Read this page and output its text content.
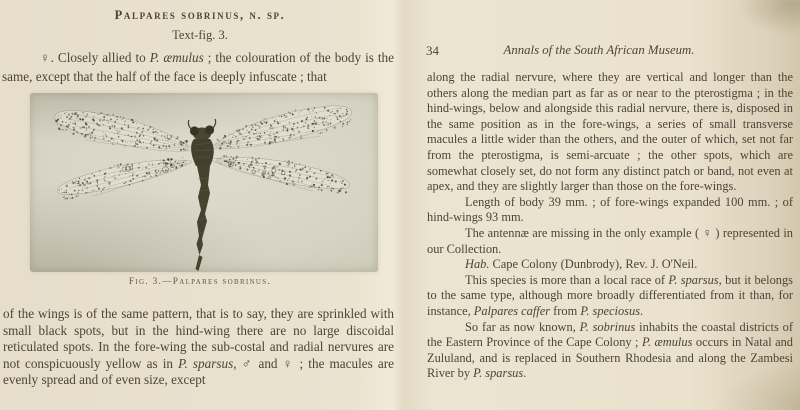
Palpares sobrinus, n. sp.
Text-fig. 3.

♀. Closely allied to P. æmulus ; the colouration of the body is the same, except that the half of the face is deeply infuscate ; that

Fig. 3.—Palpares sobrinus.

of the wings is of the same pattern, that is to say, they are sprinkled with small black spots, but in the hind-wing there are no large discoidal reticulated spots. In the fore-wing the sub-costal and radial nervures are not conspicuously yellow as in P. sparsus, ♂ and ♀ ; the macules are evenly spread and of even size, except

34	Annals of the South African Museum.

along the radial nervure, where they are vertical and longer than the others along the median part as far as or near to the pterostigma ; in the hind-wings, below and alongside this radial nervure, there is, disposed in the same position as in the fore-wings, a series of small transverse macules a little wider than the others, and the outer of which, set not far from the pterostigma, is semi-arcuate ; the other spots, which are somewhat closely set, do not form any distinct patch or band, not even at apex, and they are slightly larger than those on the fore-wings.

Length of body 39 mm. ; of fore-wings expanded 100 mm. ; of hind-wings 93 mm.

The antennæ are missing in the only example ( ♀ ) represented in our Collection.

Hab. Cape Colony (Dunbrody), Rev. J. O'Neil.

This species is more than a local race of P. sparsus, but it belongs to the same type, although more broadly differentiated from it than, for instance, Palpares caffer from P. speciosus.

So far as now known, P. sobrinus inhabits the coastal districts of the Eastern Province of the Cape Colony ; P. æmulus occurs in Natal and Zululand, and is replaced in Southern Rhodesia and along the Zambesi River by P. sparsus.
